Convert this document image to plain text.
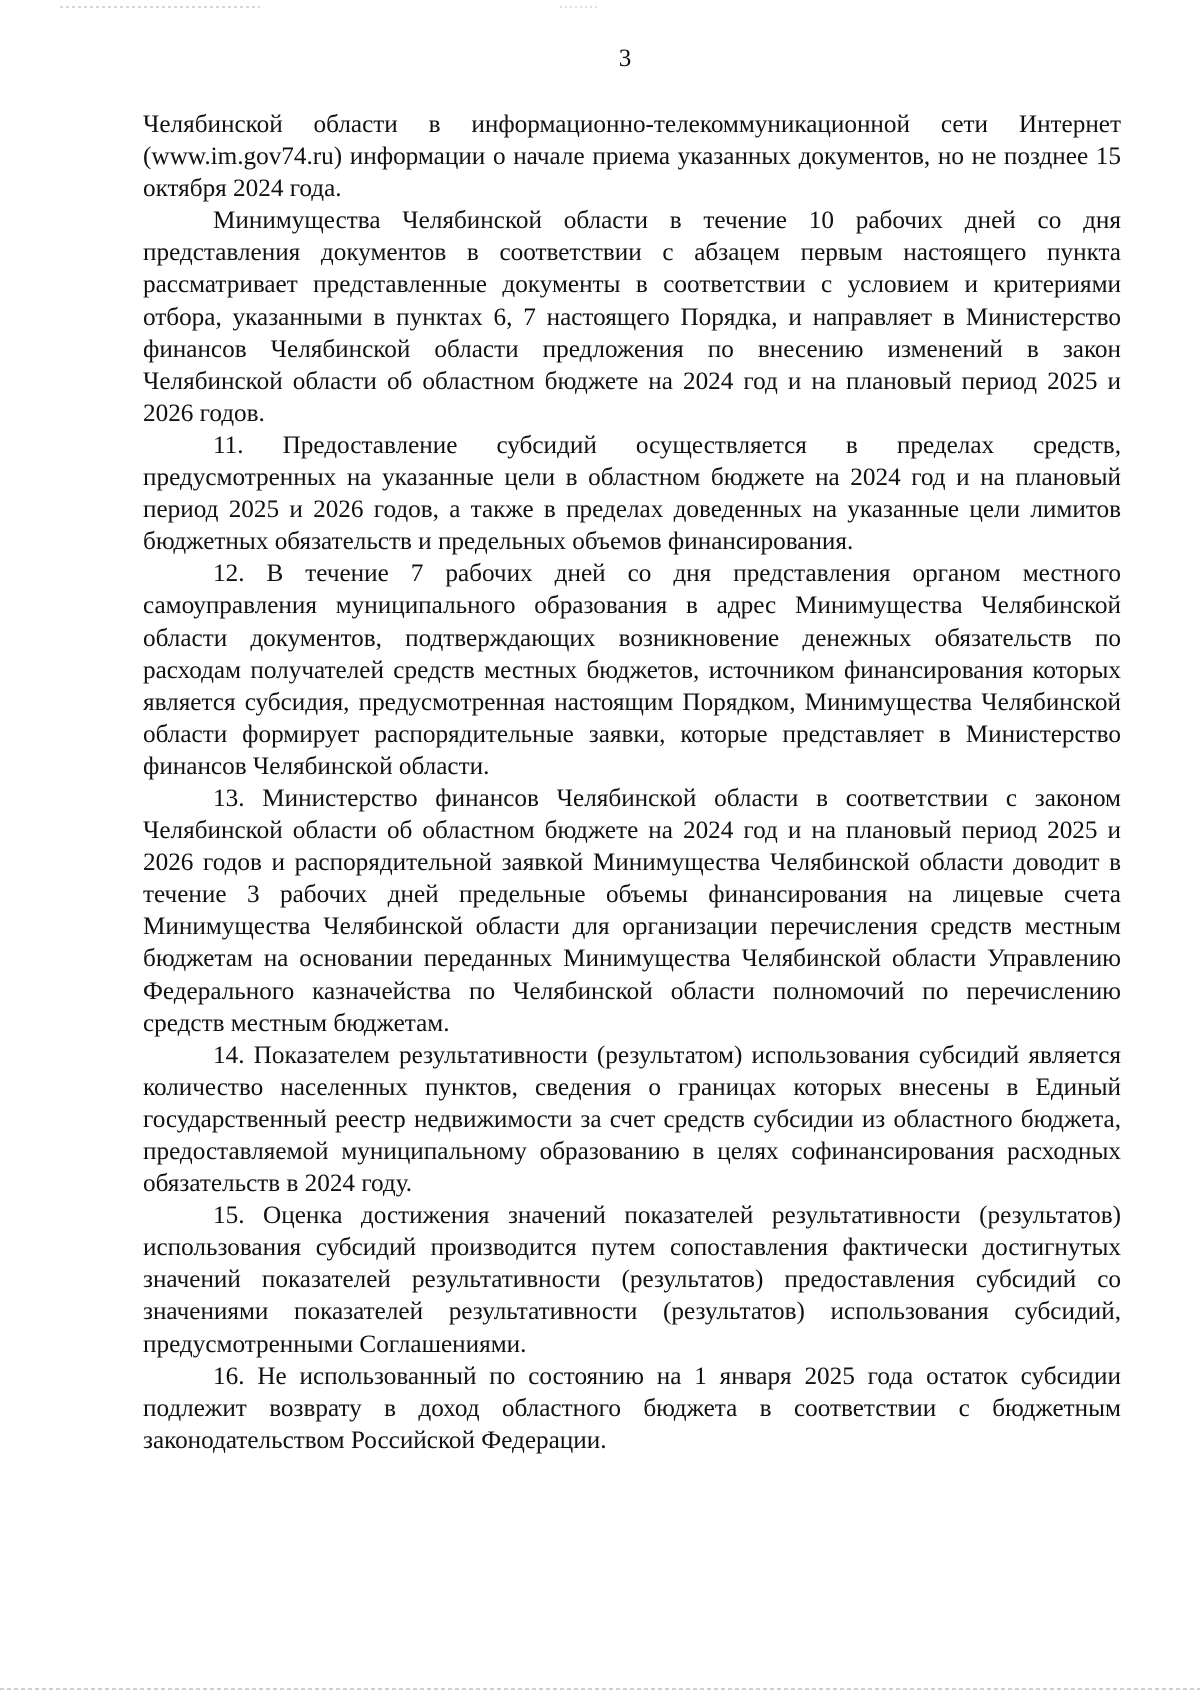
3

Челябинской области в информационно-телекоммуникационной сети Интернет (www.im.gov74.ru) информации о начале приема указанных документов, но не позднее 15 октября 2024 года.

Минимущества Челябинской области в течение 10 рабочих дней со дня представления документов в соответствии с абзацем первым настоящего пункта рассматривает представленные документы в соответствии с условием и критериями отбора, указанными в пунктах 6, 7 настоящего Порядка, и направляет в Министерство финансов Челябинской области предложения по внесению изменений в закон Челябинской области об областном бюджете на 2024 год и на плановый период 2025 и 2026 годов.

11. Предоставление субсидий осуществляется в пределах средств, предусмотренных на указанные цели в областном бюджете на 2024 год и на плановый период 2025 и 2026 годов, а также в пределах доведенных на указанные цели лимитов бюджетных обязательств и предельных объемов финансирования.

12. В течение 7 рабочих дней со дня представления органом местного самоуправления муниципального образования в адрес Минимущества Челябинской области документов, подтверждающих возникновение денежных обязательств по расходам получателей средств местных бюджетов, источником финансирования которых является субсидия, предусмотренная настоящим Порядком, Минимущества Челябинской области формирует распорядительные заявки, которые представляет в Министерство финансов Челябинской области.

13. Министерство финансов Челябинской области в соответствии с законом Челябинской области об областном бюджете на 2024 год и на плановый период 2025 и 2026 годов и распорядительной заявкой Минимущества Челябинской области доводит в течение 3 рабочих дней предельные объемы финансирования на лицевые счета Минимущества Челябинской области для организации перечисления средств местным бюджетам на основании переданных Минимущества Челябинской области Управлению Федерального казначейства по Челябинской области полномочий по перечислению средств местным бюджетам.

14. Показателем результативности (результатом) использования субсидий является количество населенных пунктов, сведения о границах которых внесены в Единый государственный реестр недвижимости за счет средств субсидии из областного бюджета, предоставляемой муниципальному образованию в целях софинансирования расходных обязательств в 2024 году.

15. Оценка достижения значений показателей результативности (результатов) использования субсидий производится путем сопоставления фактически достигнутых значений показателей результативности (результатов) предоставления субсидий со значениями показателей результативности (результатов) использования субсидий, предусмотренными Соглашениями.

16. Не использованный по состоянию на 1 января 2025 года остаток субсидии подлежит возврату в доход областного бюджета в соответствии с бюджетным законодательством Российской Федерации.
